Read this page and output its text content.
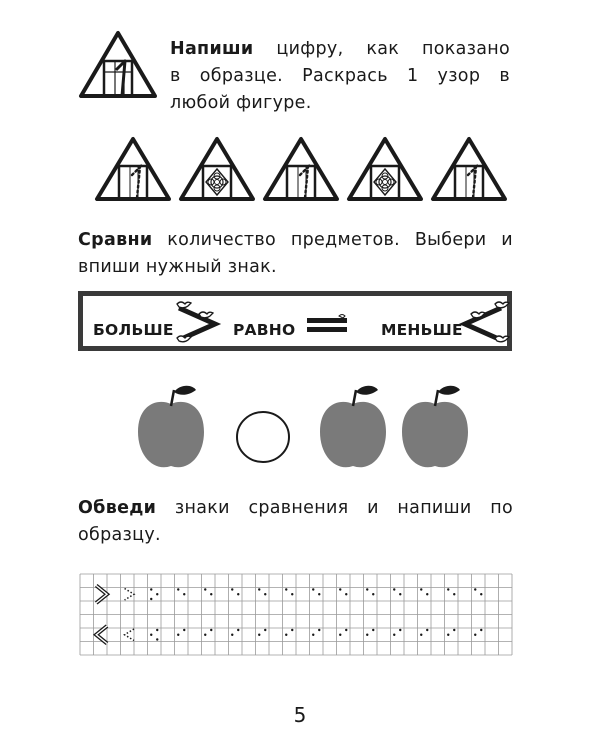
Напиши цифру, как показано
в образце. Раскрась 1 узор в
любой фигуре.
Сравни количество предметов. Выбери и
впиши нужный знак.
БОЛЬШЕ	РАВНО	МЕНЬШЕ
Обведи знаки сравнения и напиши по
образцу.
5
